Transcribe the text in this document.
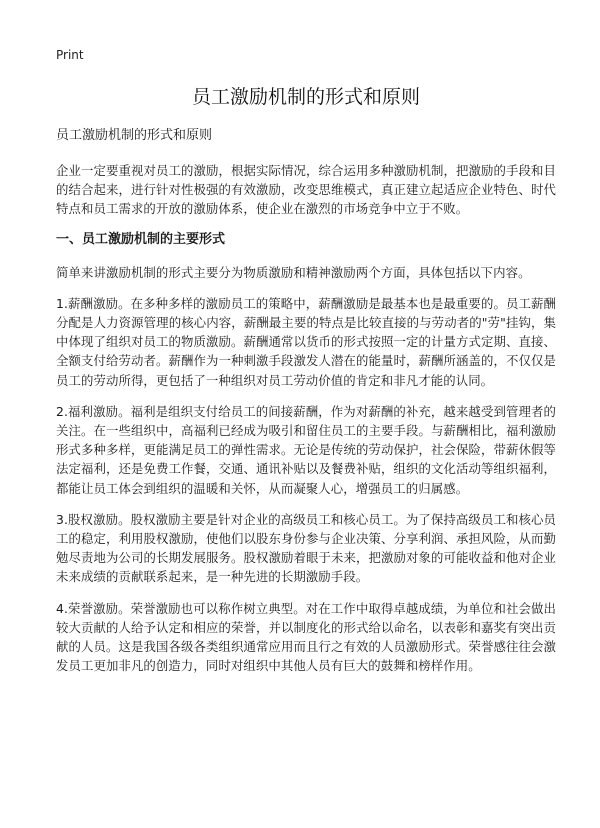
Print
员工激励机制的形式和原则

员工激励机制的形式和原则

企业一定要重视对员工的激励，根据实际情况，综合运用多种激励机制，把激励的手段和目的结合起来，进行针对性极强的有效激励，改变思维模式，真正建立起适应企业特色、时代特点和员工需求的开放的激励体系，使企业在激烈的市场竞争中立于不败。

一、员工激励机制的主要形式

简单来讲激励机制的形式主要分为物质激励和精神激励两个方面，具体包括以下内容。

1.薪酬激励。在多种多样的激励员工的策略中，薪酬激励是最基本也是最重要的。员工薪酬分配是人力资源管理的核心内容，薪酬最主要的特点是比较直接的与劳动者的"劳"挂钩，集中体现了组织对员工的物质激励。薪酬通常以货币的形式按照一定的计量方式定期、直接、全额支付给劳动者。薪酬作为一种刺激手段激发人潜在的能量时，薪酬所涵盖的，不仅仅是员工的劳动所得，更包括了一种组织对员工劳动价值的肯定和非凡才能的认同。

2.福利激励。福利是组织支付给员工的间接薪酬，作为对薪酬的补充，越来越受到管理者的关注。在一些组织中，高福利已经成为吸引和留住员工的主要手段。与薪酬相比，福利激励形式多种多样，更能满足员工的弹性需求。无论是传统的劳动保护，社会保险，带薪休假等法定福利，还是免费工作餐，交通、通讯补贴以及餐费补贴，组织的文化活动等组织福利，都能让员工体会到组织的温暖和关怀，从而凝聚人心，增强员工的归属感。

3.股权激励。股权激励主要是针对企业的高级员工和核心员工。为了保持高级员工和核心员工的稳定，利用股权激励，使他们以股东身份参与企业决策、分享利润、承担风险，从而勤勉尽责地为公司的长期发展服务。股权激励着眼于未来，把激励对象的可能收益和他对企业未来成绩的贡献联系起来，是一种先进的长期激励手段。

4.荣誉激励。荣誉激励也可以称作树立典型。对在工作中取得卓越成绩，为单位和社会做出较大贡献的人给予认定和相应的荣誉，并以制度化的形式给以命名，以表彰和嘉奖有突出贡献的人员。这是我国各级各类组织通常应用而且行之有效的人员激励形式。荣誉感往往会激发员工更加非凡的创造力，同时对组织中其他人员有巨大的鼓舞和榜样作用。
